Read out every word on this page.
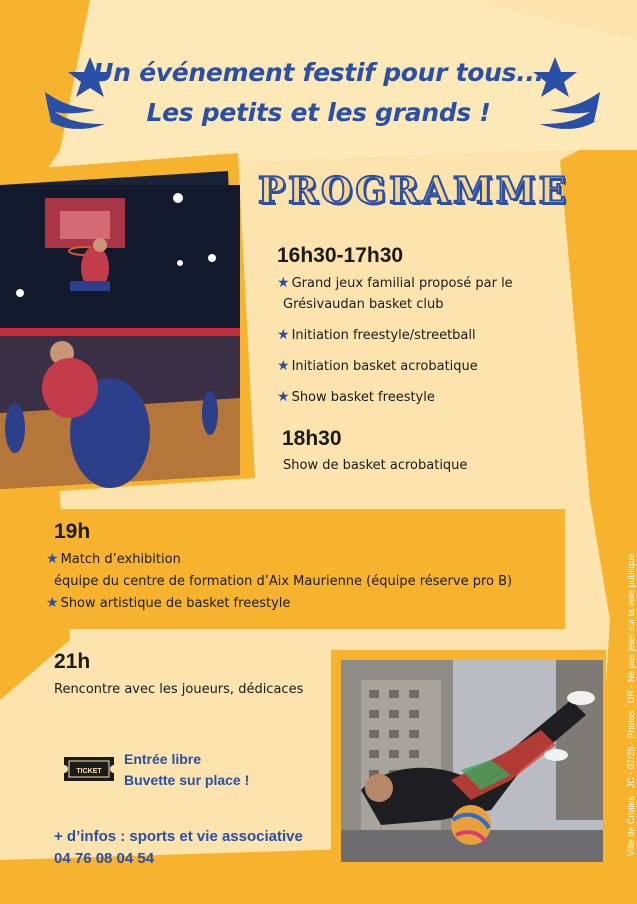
Un événement festif pour tous...
Les petits et les grands !
PROGRAMME
16h30-17h30
★ Grand jeux familial proposé par le
Grésivaudan basket club
★ Initiation freestyle/streetball
★ Initiation basket acrobatique
★ Show basket freestyle
18h30
Show de basket acrobatique
19h
★ Match d’exhibition
équipe du centre de formation d’Aix Maurienne (équipe réserve pro B)
★ Show artistique de basket freestyle
21h
Rencontre avec les joueurs, dédicaces
TICKET
Entrée libre
Buvette sur place !
+ d’infos : sports et vie associative
04 76 08 04 54
Ville de Crolles - JC - 07/25 - Photos : DR - Ne pas jeter sur la voie publique
